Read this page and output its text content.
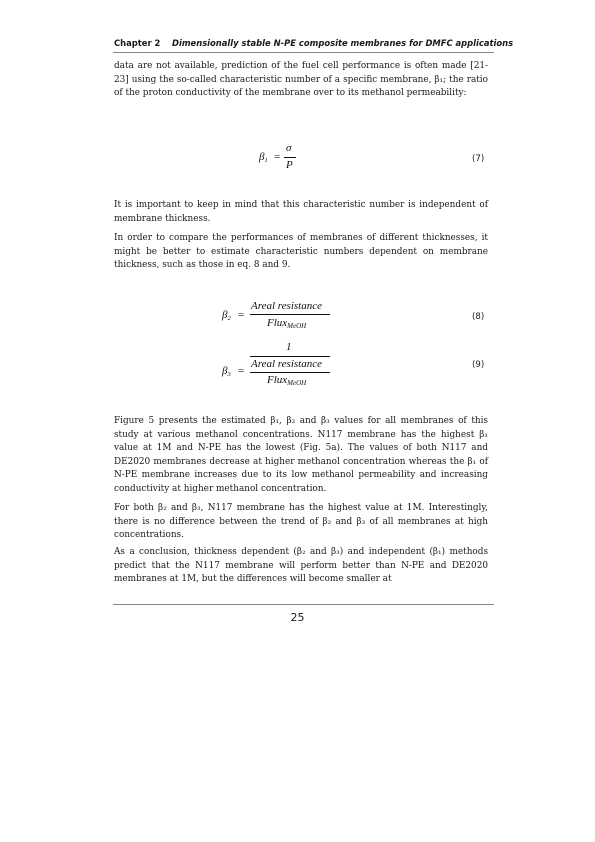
Chapter 2 Dimensionally stable N-PE composite membranes for DMFC applications
data are not available, prediction of the fuel cell performance is often made [21-23] using the so-called characteristic number of a specific membrane, β₁; the ratio of the proton conductivity of the membrane over to its methanol permeability:
$\beta_1$ =
σ
P	(7)
It is important to keep in mind that this characteristic number is independent of membrane thickness.
In order to compare the performances of membranes of different thicknesses, it might be better to estimate characteristic numbers dependent on membrane thickness, such as those in eq. 8 and 9.
$\beta_2$ =
Areal resistance
Flux$_{MeOH}$
(8)
1
$\beta_3$ =
Areal resistance
Flux$_{MeOH}$
(9)
Figure 5 presents the estimated β₁, β₂ and β₃ values for all membranes of this study at various methanol concentrations. N117 membrane has the highest β₁ value at 1M and N-PE has the lowest (Fig. 5a). The values of both N117 and DE2020 membranes decrease at higher methanol concentration whereas the β₁ of N-PE membrane increases due to its low methanol permeability and increasing conductivity at higher methanol concentration.
For both β₂ and β₃, N117 membrane has the highest value at 1M. Interestingly, there is no difference between the trend of β₂ and β₃ of all membranes at high concentrations.
As a conclusion, thickness dependent (β₂ and β₃) and independent (β₁) methods predict that the N117 membrane will perform better than N-PE and DE2020 membranes at 1M, but the differences will become smaller at
25
